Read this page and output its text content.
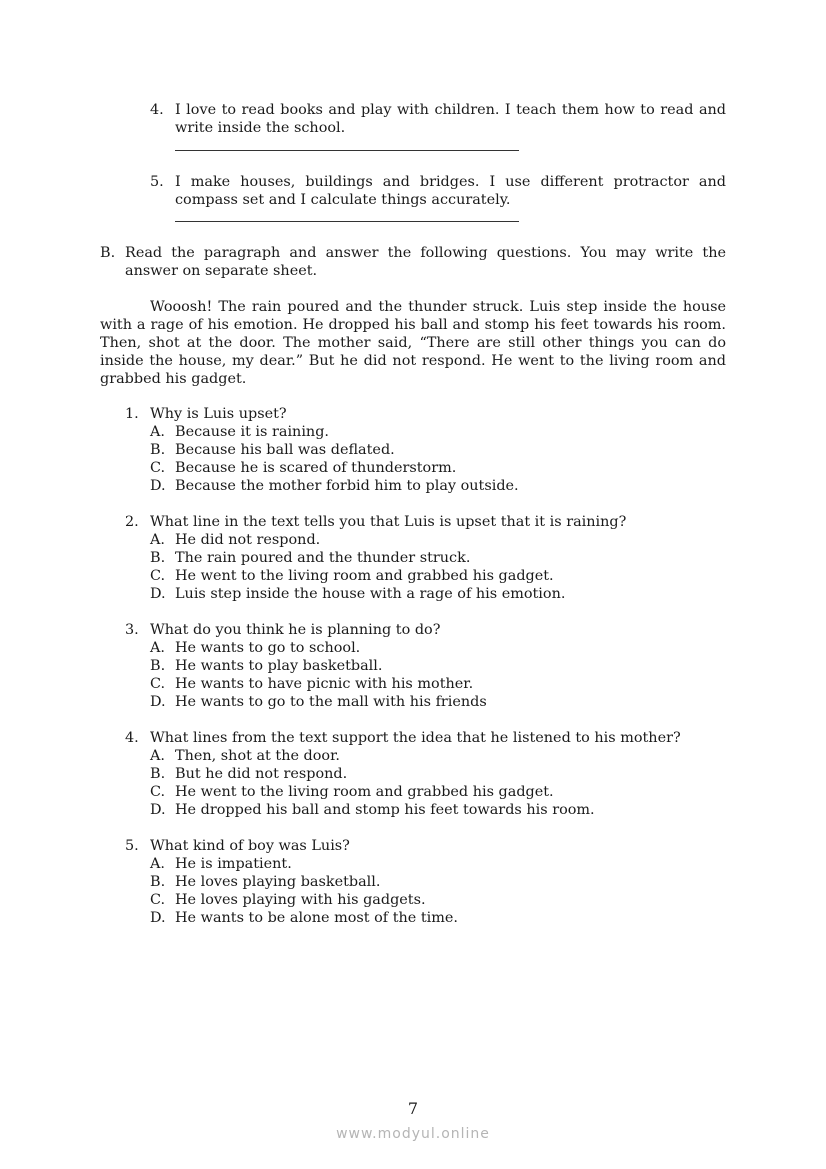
4. I love to read books and play with children. I teach them how to read and
write inside the school.
5. I make houses, buildings and bridges. I use different protractor and
compass set and I calculate things accurately.
B. Read the paragraph and answer the following questions. You may write the
answer on separate sheet.
Wooosh! The rain poured and the thunder struck. Luis step inside the house
with a rage of his emotion. He dropped his ball and stomp his feet towards his room.
Then, shot at the door. The mother said, “There are still other things you can do
inside the house, my dear.” But he did not respond. He went to the living room and
grabbed his gadget.
1. Why is Luis upset?
A. Because it is raining.
B. Because his ball was deflated.
C. Because he is scared of thunderstorm.
D. Because the mother forbid him to play outside.
2. What line in the text tells you that Luis is upset that it is raining?
A. He did not respond.
B. The rain poured and the thunder struck.
C. He went to the living room and grabbed his gadget.
D. Luis step inside the house with a rage of his emotion.
3. What do you think he is planning to do?
A. He wants to go to school.
B. He wants to play basketball.
C. He wants to have picnic with his mother.
D. He wants to go to the mall with his friends
4. What lines from the text support the idea that he listened to his mother?
A. Then, shot at the door.
B. But he did not respond.
C. He went to the living room and grabbed his gadget.
D. He dropped his ball and stomp his feet towards his room.
5. What kind of boy was Luis?
A. He is impatient.
B. He loves playing basketball.
C. He loves playing with his gadgets.
D. He wants to be alone most of the time.
7
www.modyul.online
